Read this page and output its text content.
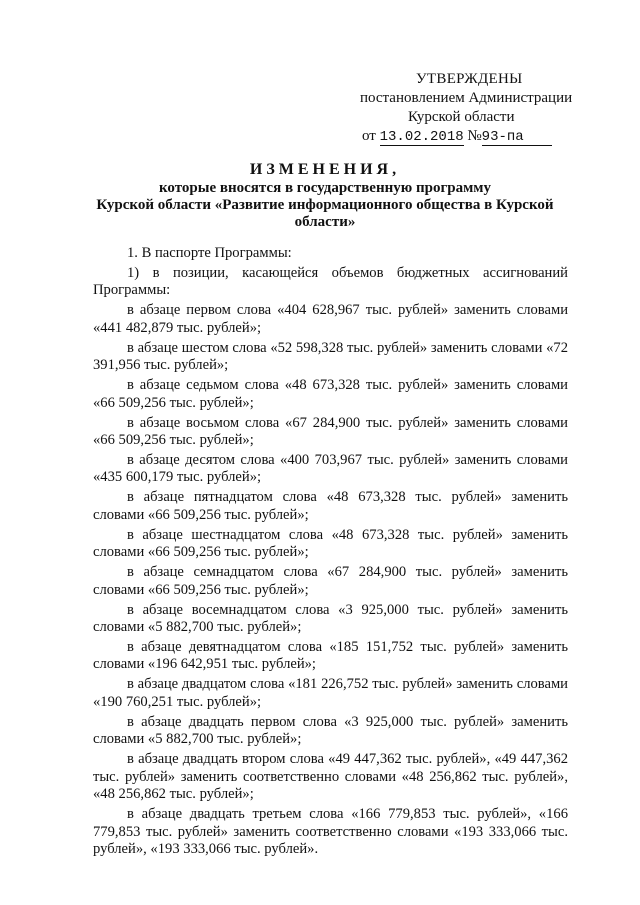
УТВЕРЖДЕНЫ
постановлением Администрации
Курской области
от 13.02.2018 №93-па
ИЗМЕНЕНИЯ,
которые вносятся в государственную программу
Курской области «Развитие информационного общества в Курской
области»

1. В паспорте Программы:

1) в позиции, касающейся объемов бюджетных ассигнований Программы:

в абзаце первом слова «404 628,967 тыс. рублей» заменить словами «441 482,879 тыс. рублей»;

в абзаце шестом слова «52 598,328 тыс. рублей» заменить словами «72 391,956 тыс. рублей»;

в абзаце седьмом слова «48 673,328 тыс. рублей» заменить словами «66 509,256 тыс. рублей»;

в абзаце восьмом слова «67 284,900 тыс. рублей» заменить словами «66 509,256 тыс. рублей»;

в абзаце десятом слова «400 703,967 тыс. рублей» заменить словами «435 600,179 тыс. рублей»;

в абзаце пятнадцатом слова «48 673,328 тыс. рублей» заменить словами «66 509,256 тыс. рублей»;

в абзаце шестнадцатом слова «48 673,328 тыс. рублей» заменить словами «66 509,256 тыс. рублей»;

в абзаце семнадцатом слова «67 284,900 тыс. рублей» заменить словами «66 509,256 тыс. рублей»;

в абзаце восемнадцатом слова «3 925,000 тыс. рублей» заменить словами «5 882,700 тыс. рублей»;

в абзаце девятнадцатом слова «185 151,752 тыс. рублей» заменить словами «196 642,951 тыс. рублей»;

в абзаце двадцатом слова «181 226,752 тыс. рублей» заменить словами «190 760,251 тыс. рублей»;

в абзаце двадцать первом слова «3 925,000 тыс. рублей» заменить словами «5 882,700 тыс. рублей»;

в абзаце двадцать втором слова «49 447,362 тыс. рублей», «49 447,362 тыс. рублей» заменить соответственно словами «48 256,862 тыс. рублей», «48 256,862 тыс. рублей»;

в абзаце двадцать третьем слова «166 779,853 тыс. рублей», «166 779,853 тыс. рублей» заменить соответственно словами «193 333,066 тыс. рублей», «193 333,066 тыс. рублей».
